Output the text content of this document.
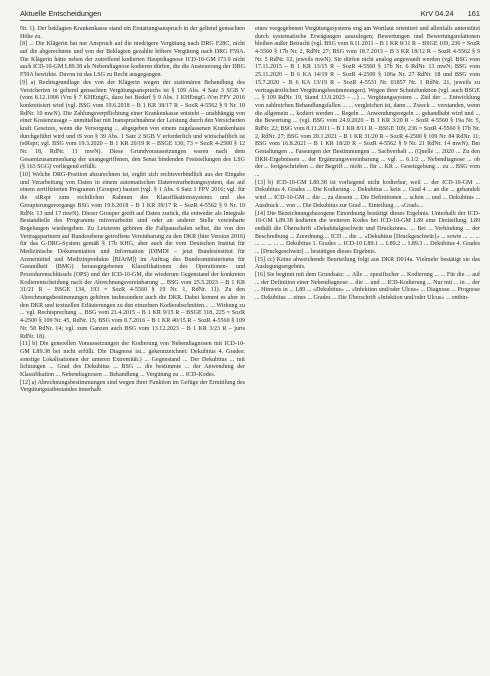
Aktuelle Entscheidungen	KrV 04.24 161

Nr. 1). Der beklagten Krankenkasse stand ein Erstattungsanspruch in der geltend gemachten Höhe zu.

[8] ... Die Klägerin hat nur Anspruch auf die niedrigere Vergütung nach DRG F28C, nicht auf die abgerechnete und von der Beklagten gezahlte höhere Vergütung nach DRG F59A. Die Klägerin hätte neben der zutreffend kodierten Hauptdiagnose ICD-10-GM I73.9 nicht auch ICD-10-GM L89.38 als Nebendiagnose kodieren dürfen, die die Ansteuerung der DRG F59A bewirkte. Davon ist das LSG zu Recht ausgegangen.

[9] a) Rechtsgrundlage des von der Klägerin wegen der stationären Behandlung des Versicherten in geltend gemachten Vergütungsanspruchs ist § 109 Abs. 4 Satz 3 SGB V (vom 8.12.1996 iVm § 7 KHEntgG, dazu bei Bedarf § 9 Abs. 1 KHEntgG iVm FPV 2016 konkretisiert wird (vgl. BSG vom 19.6.2018 – B 1 KR 38/17 R – SozR 4-5562 § 9 Nr. 10 RdNr. 10 mwN). Die Zahlungsverpflichtung einer Krankenkasse entsteht – unabhängig von einer Kostenzusage – unmittelbar mit Inanspruchnahme der Leistung durch den Versicherten kraft Gesetzes, wenn die Versorgung ... abgegeben von einem zugelassenen Krankenhaus durchgeführt wird und iS von § 39 Abs. 1 Satz 2 SGB V erforderlich und wirtschaftlich ist (stRspr; vgl. BSG vom 19.3.2020 – B 1 KR 20/19 R – BSGE 130, 73 = SozR 4-2500 § 12 Nr. 18, RdNr. 11 mwN). Diese Grundvoraussetzungen waren nach dem Gesamtzusammenhang der unangegriffenen, den Senat bindenden Feststellungen des LSG (§ 163 SGG) vorliegend erfüllt.

[10] Welche DRG-Position abzurechnen ist, ergibt sich rechtsverbindlich aus der Eingabe und Verarbeitung von Daten in einem automatischen Datenverarbeitungssystem, das auf einem zertifizierten Programm (Grouper) basiert (vgl. § 1 Abs. 6 Satz 1 FPV 2016; vgl. für die stRspr zum rechtlichen Rahmen des Klassifikationssystems und des Groupierungsvorgangs BSG vom 19.6.2018 – B 1 KR 39/17 R – SozR 4-5562 § 9 Nr. 10 RdNr. 13 und 17 mwN). Dieser Grouper greift auf Daten zurück, die entweder als Integrale Bestandteile des Programms mitverarbeitet sind oder an anderer Stelle vereinbarte Regelungen wiedergeben. Zu Letzteren gehören die Fallpauschalen selbst, die von den Vertragspartnern auf Bundesebene getroffene Vereinbarung zu den DKR (hier Version 2016) für das G-DRG-System gemäß § 17b KHG, aber auch die vom Deutschen Institut für Medizinische Dokumentation und Information (DIMDI – jetzt Bundesinstitut für Arzneimittel und Medizinprodukte [BfArM]) im Auftrag des Bundesministeriums für Gesundheit (BMG) herausgegebenen Klassifikationen des Operationen- und Prozedurenschlüssels (OPS) und der ICD-10-GM, die wiederum Gegenstand der konkreten Kodierentscheidung nach der Abrechnungsvereinbarung ... BSG vom 25.5.2023 – B 1 KR 31/21 R – BSGE 134, 193 = SozR 4-5560 § 19 Nr. 1, RdNr. 11). Zu den Abrechnungsbestimmungen gehören insbesondere auch die DKR. Dabei kommt es aber in den DKR und textuellen Erläuterungen zu den einzelnen Kodierabschnitten... ... Wirkung zu ... vgl. Rechtsprechung ... BSG vom 21.4.2015 – B 1 KR 9/15 R – BSGE 118, 225 = SozR 4-2500 § 109 Nr. 45, RdNr. 15; BSG vom 8.7.2016 – B 1 KR 40/15 R – SozR 4-5560 § 109 Nr. 58 RdNr. 14; vgl. zum Ganzen auch BSG vom 13.12.2023 – B 1 KR 3/23 R – juris RdNr. 18).

[11] b) Die generellen Voraussetzungen der Kodierung von Nebendiagnosen mit ICD-10-GM L89.38 bei nicht erfüllt. Die Diagnose ist... gekennzeichnet: Dekubitus 4. Grades: sonstige Lokalisationen der unteren Extremität.) ... Gegenstand ... Der Dekubitus ... mit lichtungen ... Grad des Dekubitus ... BSG ... die bestimmte ... der Anwendung der Klassifikation ... Nebendiagnosen ... Behandlung ... Vergütung zu ... ICD-Kodes.

[12] a) Abrechnungsbestimmungen sind wegen ihrer Funktion im Gefüge der Ermittlung des Vergütungstatbestandes innerhalb

eines vorgegebenen Vergütungssystems eng am Wortlaut orientiert und allenfalls unterstützt durch systematische Erwägungen auszulegen; Bewertungen und Bewertungsrelationen bleiben außer Betracht (vgl. BSG vom 8.11.2011 – B 1 KR 8/11 R – BSGE 109, 236 = SozR 4-5560 § 17b Nr. 2, RdNr. 27; BSG vom 18.7.2013 – B 3 KR 18/12 R – SozR 4-5562 § 9 Nr. 5 RdNr. 12, jeweils mwN). Sie dürfen nicht analog angewandt werden (vgl. BSG vom 17.11.2015 – B 1 KR 13/15 R – SozR 4-5560 § 17b Nr. 6 RdNr. 13 mwN; BSG vom 25.11.2020 – B 6 KA 14/19 R – SozR 4-2500 § 106a Nr. 27 RdNr. 18 und BSG vom 15.7.2020 – B 6 KA 13/19 R – SozR 4-5531 Nr. 01857 Nr. 1 RdNr. 21, jeweils zu vertragsärztlichen Vergütungsbestimmungen). Wegen ihrer Schutzfunktion (vgl. auch BSGE ... § 109 RdNr. 19, Stand 13.9.2023 – ...) ... Vergütungssystem ... Ziel der ... Entwicklung von zahlreichen Behandlungsfallen ... ... vergleichen ist, dann ... Zweck ... verstanden, wenn die allgemein ... kodiert werden ... Regeln ... Anwendungsregeln ... gehandhabt wird und ... die Bewertung ... (vgl. BSG vom 24.9.2020 – B 1 KR 3/20 R – SozR 4-5560 § 19a Nr. 5, RdNr. 22; BSG vom 8.11.2011 – B 1 KR 8/11 R – BSGE 109, 236 = SozR 4-5560 § 17b Nr. 2, RdNr. 27; BSG vom 20.1.2021 – B 1 KR 31/20 R – SozR 4-2500 § 109 Nr. 84 RdNr. 11; BSG vom 16.8.2021 – B 1 KR 18/20 R – SozR 4-5562 § 9 Nr. 21 RdNr. 14 mwN). Bei Gestaltungen ... Fassungen der Bestimmungen ... Sachverhalt ... (Quelle ... 2020 ... Zu den DKR-Ergebnissen ... der Ergänzungsvereinbarung ... vgl. ... 6.1/2 ... Nebendiagnose ... ob der ... fortgeschrieben ... der Begriff ... nicht ... für ... KR ... Gesetzgebung ... zu ... BSG vom ...

[13] b) ICD-10-GM L89.38 ist vorliegend nicht kodierbar, weil ... der ICD-10-GM ... Dekubitus 4. Grades ... Die Kodierung ... Dekubitus ... kein ... Grad 4 ... an die ... gehandelt wird ... ICD-10-GM ... die ... zu diesem ... Die Definitionen ... schon ... und ... Dekubitus ... Ausdruck ... von ... Die Dekubitus zur Grad ... Einteilung ... «Grad»...

[14] Die Bezeichnungsbezogene Einordnung bestätigt dieses Ergebnis. Unterhalb der ICD-10-GM L89.38 kodieren die weiteren Kodes bei ICD-10-GM L89 eine Dreiteilung. L89 enthält die Überschrift «Dekubitalgeschwür und Druckzone». ... Bei ... Verbindung ... der Beschreibung ... Zuordnung ... ICD ... die ... «Dekubitus [Druckgeschwür]» ... sowie ... ... ... ... ... ... ... ... Dekubitus 1. Grades ... ICD-10 L89.1 ... L89.2 ... L89.3 ... Dekubitus 4. Grades ... [Druckgeschwür] ... bestätigen dieses Ergebnis.

[15] cc) Keine abweichende Beurteilung folgt aus DKR D014a. Vielmehr bestätigt sie das Auslegungsergebnis.

[16] Sie beginnt mit dem Grundsatz: ... Alle ... spezifischer ... Kodierung ... ... Für die ... auf ... der Definition einer Nebendiagnose ... die ... und ... ICD-Kodierung ... Nur mit ... in ... der ... Hinweis in ... L89 ... «Dekubitus» ... «Infektion und/oder Ulcus» ... Diagnose ... Prognose ... Dekubitus ... eines ... Grades ... Die Überschrift «Infektion und/oder Ulcus» ... entbin-
